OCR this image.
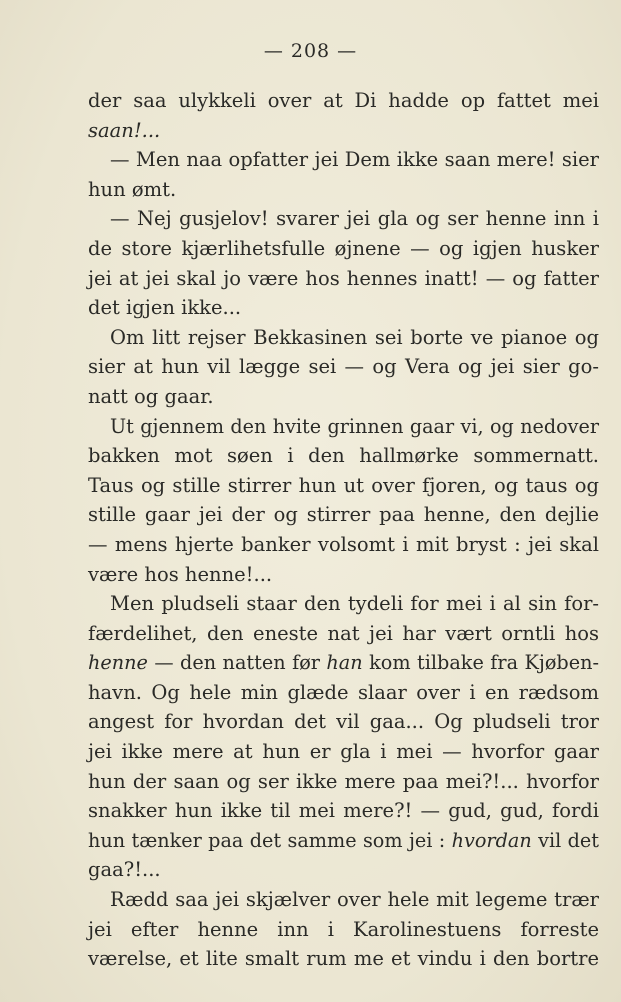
— 208 —
der saa ulykkeli over at Di hadde op fattet mei
saan!...
— Men naa opfatter jei Dem ikke saan mere! sier
hun ømt.
— Nej gusjelov! svarer jei gla og ser henne inn i
de store kjærlihetsfulle øjnene — og igjen husker
jei at jei skal jo være hos hennes inatt! — og fatter
det igjen ikke...
Om litt rejser Bekkasinen sei borte ve pianoe og
sier at hun vil lægge sei — og Vera og jei sier go-
natt og gaar.
Ut gjennem den hvite grinnen gaar vi, og nedover
bakken mot søen i den hallmørke sommernatt.
Taus og stille stirrer hun ut over fjoren, og taus og
stille gaar jei der og stirrer paa henne, den dejlie
— mens hjerte banker volsomt i mit bryst : jei skal
være hos henne!...
Men pludseli staar den tydeli for mei i al sin for-
færdelihet, den eneste nat jei har vært orntli hos
henne — den natten før han kom tilbake fra Kjøben-
havn. Og hele min glæde slaar over i en rædsom
angest for hvordan det vil gaa... Og pludseli tror
jei ikke mere at hun er gla i mei — hvorfor gaar
hun der saan og ser ikke mere paa mei?!... hvorfor
snakker hun ikke til mei mere?! — gud, gud, fordi
hun tænker paa det samme som jei : hvordan vil det
gaa?!...
Rædd saa jei skjælver over hele mit legeme trær
jei efter henne inn i Karolinestuens forreste
værelse, et lite smalt rum me et vindu i den bortre
